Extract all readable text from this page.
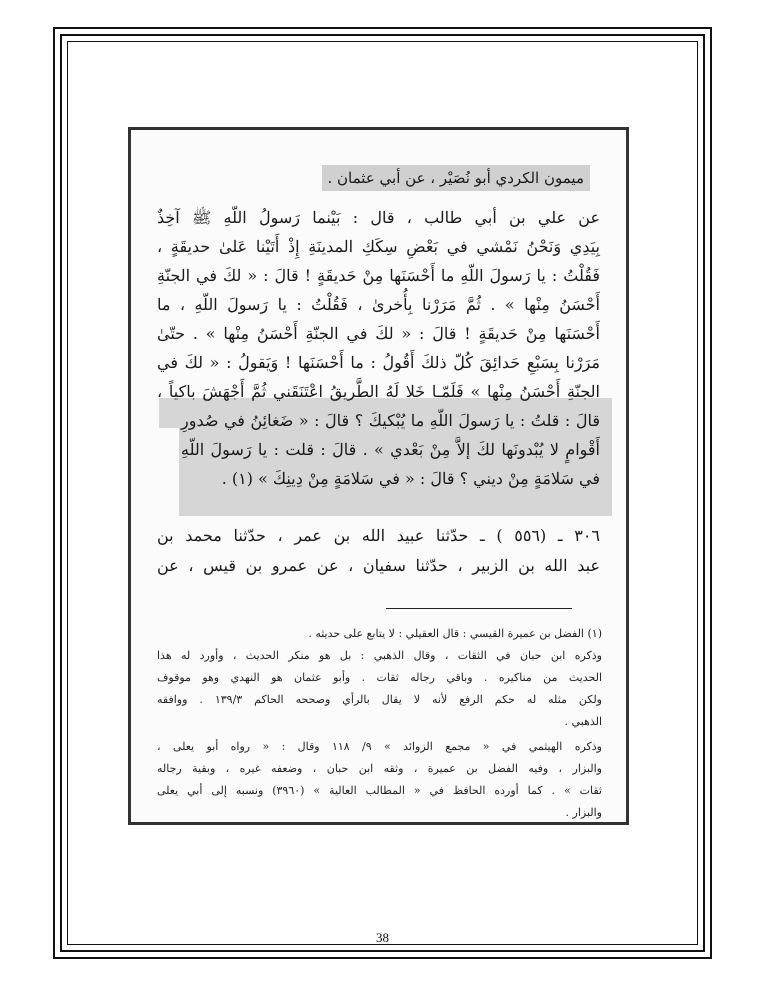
ميمون الكردي أبو نُصَيْر ، عن أبي عثمان .
عن علي بن أبي طالب ، قال : بَيْنما رَسولُ اللّهِ ﷺ آخِذٌ
بِيَدِي وَنَحْنُ نَمْشي في بَعْضِ سِكَكِ المدينَةِ إِذْ أَتَيْنا عَلىٰ حديقَةٍ ،
فَقُلْتُ : يا رَسولَ اللّهِ ما أَحْسَنَها مِنْ حَديقَةٍ ! قالَ : « لكَ في الجنّةِ
أَحْسَنُ مِنْها » . ثُمَّ مَرَرْنا بِأُخرىٰ ، فَقُلْتُ : يا رَسولَ اللّهِ ، ما
أَحْسَنَها مِنْ حَديقَةٍ ! قالَ : « لكَ في الجنّةِ أَحْسَنُ مِنْها » . حتّىٰ
مَرَرْنا بِسَبْعِ حَدائِقَ كُلّ ذلكَ أَقُولُ : ما أَحْسَنَها ! وَيَقولُ : « لكَ في
الجنّةِ أَحْسَنُ مِنْها » فَلَمّـا خَلا لَهُ الطَّريقُ اعْتَنَقَني ثُمَّ أَجْهَشَ باكياً ،
قالَ : قلتُ : يا رَسولَ اللّهِ ما يُبْكيكَ ؟ قالَ : « ضَغائِنُ في صُدورِ
أَقْوامٍ لا يُبْدونَها لكَ إلاَّ مِنْ بَعْدي » . قالَ : قلت : يا رَسولَ اللّهِ
في سَلامَةٍ مِنْ ديني ؟ قالَ : « في سَلامَةٍ مِنْ دِينِكَ » (١) .
٣٠٦ ـ (٥٥٦ ) ـ حدّثنا عبيد الله بن عمر ، حدّثنا محمد بن
عبد الله بن الزبير ، حدّثنا سفيان ، عن عمرو بن قيس ، عن
(١) الفضل بن عميرة القيسي : قال العقيلي : لا يتابع على حديثه .
وذكره ابن حبان في الثقات ، وقال الذهبي : بل هو منكر الحديث ، وأورد له هذا
الحديث من مناكيره . وباقي رجاله ثقات . وأبو عثمان هو النهدي وهو موقوف
ولكن مثله له حكم الرفع لأنه لا يقال بالرأي وصححه الحاكم ١٣٩/٣ . ووافقه
الذهبي .
وذكره الهيثمي في « مجمع الزوائد » ٩/ ١١٨ وقال : « رواه أبو يعلى ،
والبزار ، وفيه الفضل بن عميرة ، وثقه ابن حبان ، وضعفه غيره ، وبقية رجاله
ثقات » . كما أورده الحافظ في « المطالب العالية » (٣٩٦٠) ونسبه إلى أبي يعلى
والبزار .
38
